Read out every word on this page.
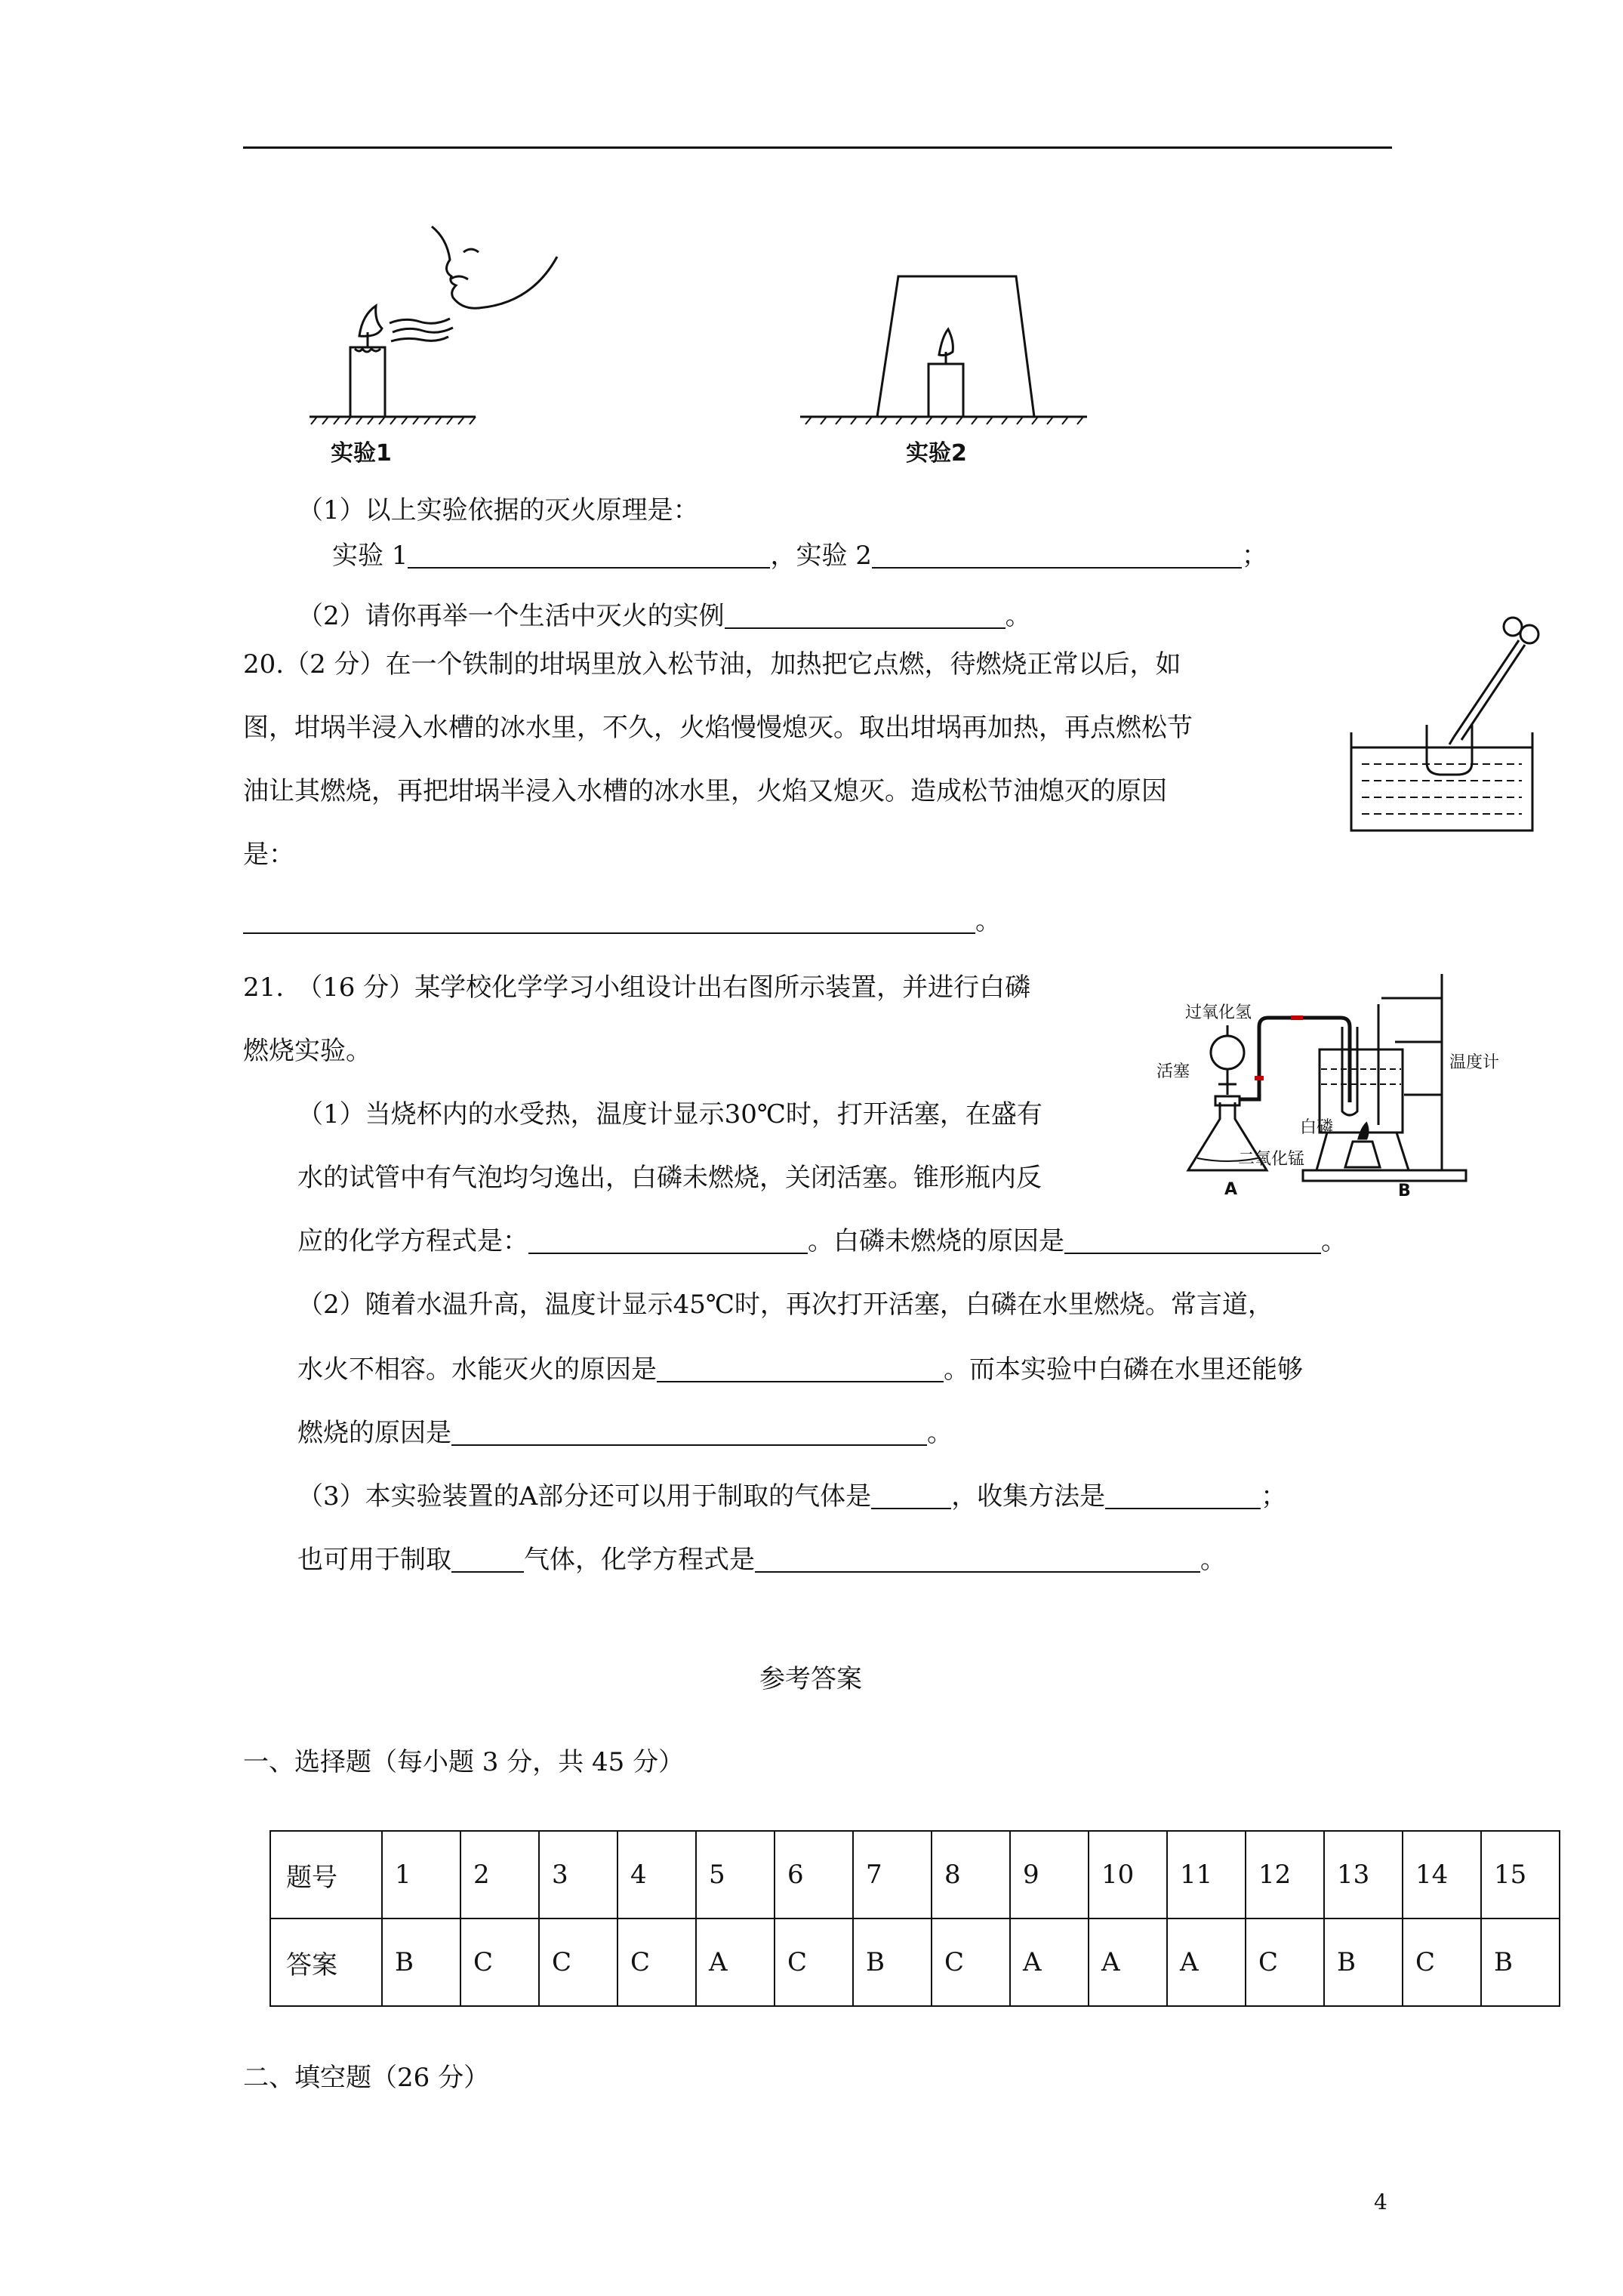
实验1	实验2
（1）以上实验依据的灭火原理是：
实验 1	，实验 2	；
（2）请你再举一个生活中灭火的实例	。
20.（2 分）在一个铁制的坩埚里放入松节油，加热把它点燃，待燃烧正常以后，如
图，坩埚半浸入水槽的冰水里，不久，火焰慢慢熄灭。取出坩埚再加热，再点燃松节
油让其燃烧，再把坩埚半浸入水槽的冰水里，火焰又熄灭。造成松节油熄灭的原因
是：
。
21.　（16 分）某学校化学学习小组设计出右图所示装置，并进行白磷
燃烧实验。
（1）当烧杯内的水受热，温度计显示30℃时，打开活塞，在盛有
水的试管中有气泡均匀逸出，白磷未燃烧，关闭活塞。锥形瓶内反
应的化学方程式是：	。白磷未燃烧的原因是	。
（2）随着水温升高，温度计显示45℃时，再次打开活塞，白磷在水里燃烧。常言道，
水火不相容。水能灭火的原因是	。而本实验中白磷在水里还能够
燃烧的原因是	。
（3）本实验装置的A部分还可以用于制取的气体是	，收集方法是	；
也可用于制取	气体，化学方程式是	。
过氧化氢
温度计
活塞
白磷
二氧化锰
A	B
参考答案
一、选择题（每小题 3 分，共 45 分）
题号	1	2	3	4	5	6	7	8	9	10	11	12	13	14	15
答案	B	C	C	C	A	C	B	C	A	A	A	C	B	C	B
二、填空题（26 分）
4
